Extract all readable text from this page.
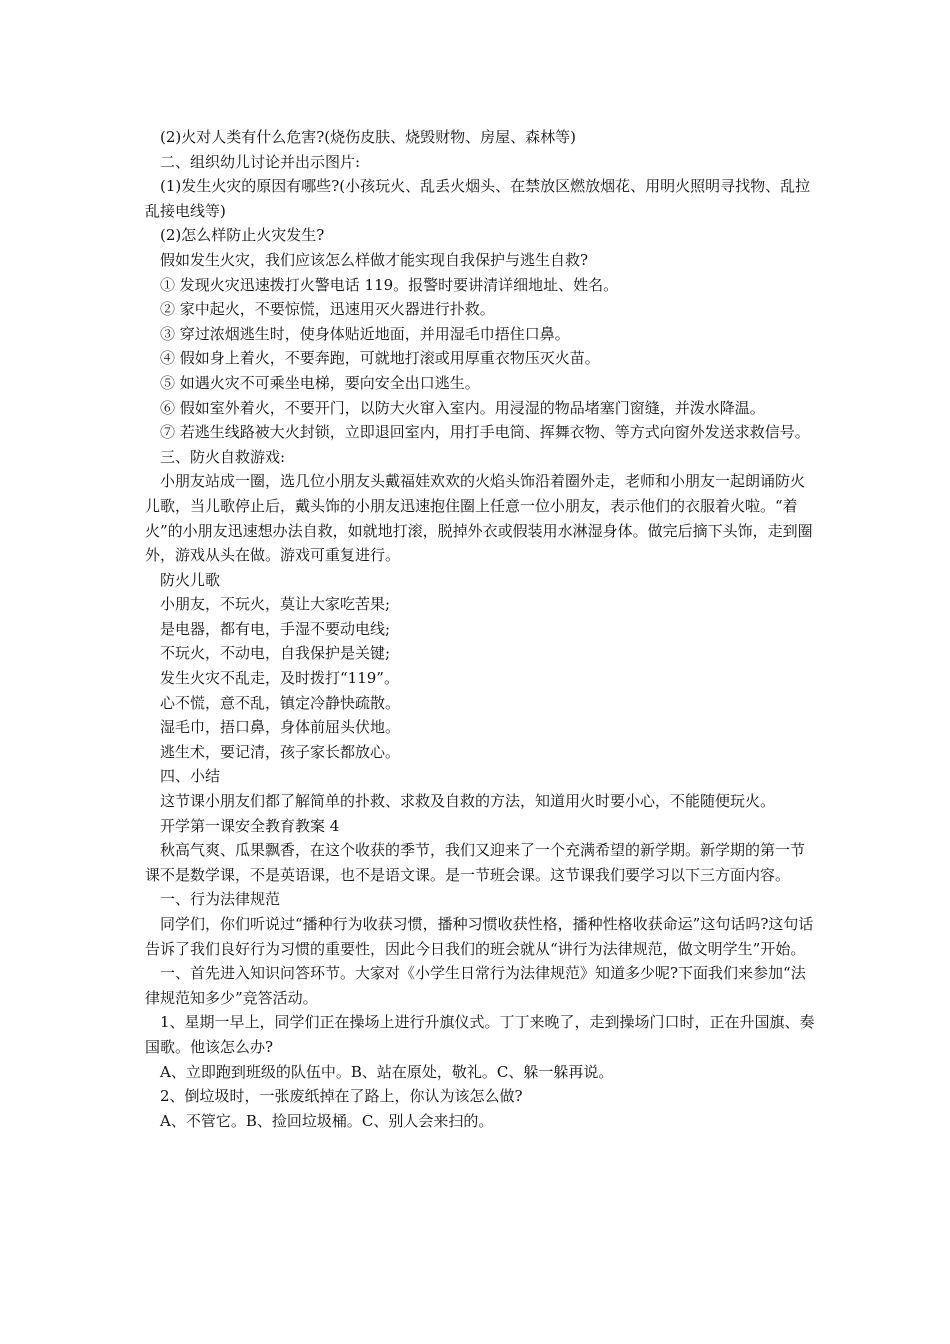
(2)火对人类有什么危害?(烧伤皮肤、烧毁财物、房屋、森林等)

二、组织幼儿讨论并出示图片:

(1)发生火灾的原因有哪些?(小孩玩火、乱丢火烟头、在禁放区燃放烟花、用明火照明寻找物、乱拉乱接电线等)

(2)怎么样防止火灾发生?

假如发生火灾，我们应该怎么样做才能实现自我保护与逃生自救?

① 发现火灾迅速拨打火警电话 119。报警时要讲清详细地址、姓名。

② 家中起火，不要惊慌，迅速用灭火器进行扑救。

③ 穿过浓烟逃生时，使身体贴近地面，并用湿毛巾捂住口鼻。

④ 假如身上着火，不要奔跑，可就地打滚或用厚重衣物压灭火苗。

⑤ 如遇火灾不可乘坐电梯，要向安全出口逃生。

⑥ 假如室外着火，不要开门，以防大火窜入室内。用浸湿的物品堵塞门窗缝，并泼水降温。

⑦ 若逃生线路被大火封锁，立即退回室内，用打手电筒、挥舞衣物、等方式向窗外发送求救信号。

三、防火自救游戏:

小朋友站成一圈，选几位小朋友头戴福娃欢欢的火焰头饰沿着圈外走，老师和小朋友一起朗诵防火儿歌，当儿歌停止后，戴头饰的小朋友迅速抱住圈上任意一位小朋友，表示他们的衣服着火啦。“着火”的小朋友迅速想办法自救，如就地打滚，脱掉外衣或假装用水淋湿身体。做完后摘下头饰，走到圈外，游戏从头在做。游戏可重复进行。

防火儿歌

小朋友，不玩火，莫让大家吃苦果;

是电器，都有电，手湿不要动电线;

不玩火，不动电，自我保护是关键;

发生火灾不乱走，及时拨打“119”。

心不慌，意不乱，镇定冷静快疏散。

湿毛巾，捂口鼻，身体前屈头伏地。

逃生术，要记清，孩子家长都放心。

四、小结

这节课小朋友们都了解简单的扑救、求救及自救的方法，知道用火时要小心，不能随便玩火。

开学第一课安全教育教案 4

秋高气爽、瓜果飘香，在这个收获的季节，我们又迎来了一个充满希望的新学期。新学期的第一节课不是数学课，不是英语课，也不是语文课。是一节班会课。这节课我们要学习以下三方面内容。

一、行为法律规范

同学们，你们听说过“播种行为收获习惯，播种习惯收获性格，播种性格收获命运”这句话吗?这句话告诉了我们良好行为习惯的重要性，因此今日我们的班会就从“讲行为法律规范，做文明学生”开始。

一、首先进入知识问答环节。大家对《小学生日常行为法律规范》知道多少呢?下面我们来参加“法律规范知多少”竞答活动。

1、星期一早上，同学们正在操场上进行升旗仪式。丁丁来晚了，走到操场门口时，正在升国旗、奏国歌。他该怎么办?

A、立即跑到班级的队伍中。B、站在原处，敬礼。C、躲一躲再说。

2、倒垃圾时，一张废纸掉在了路上，你认为该怎么做?

A、不管它。B、捡回垃圾桶。C、别人会来扫的。
